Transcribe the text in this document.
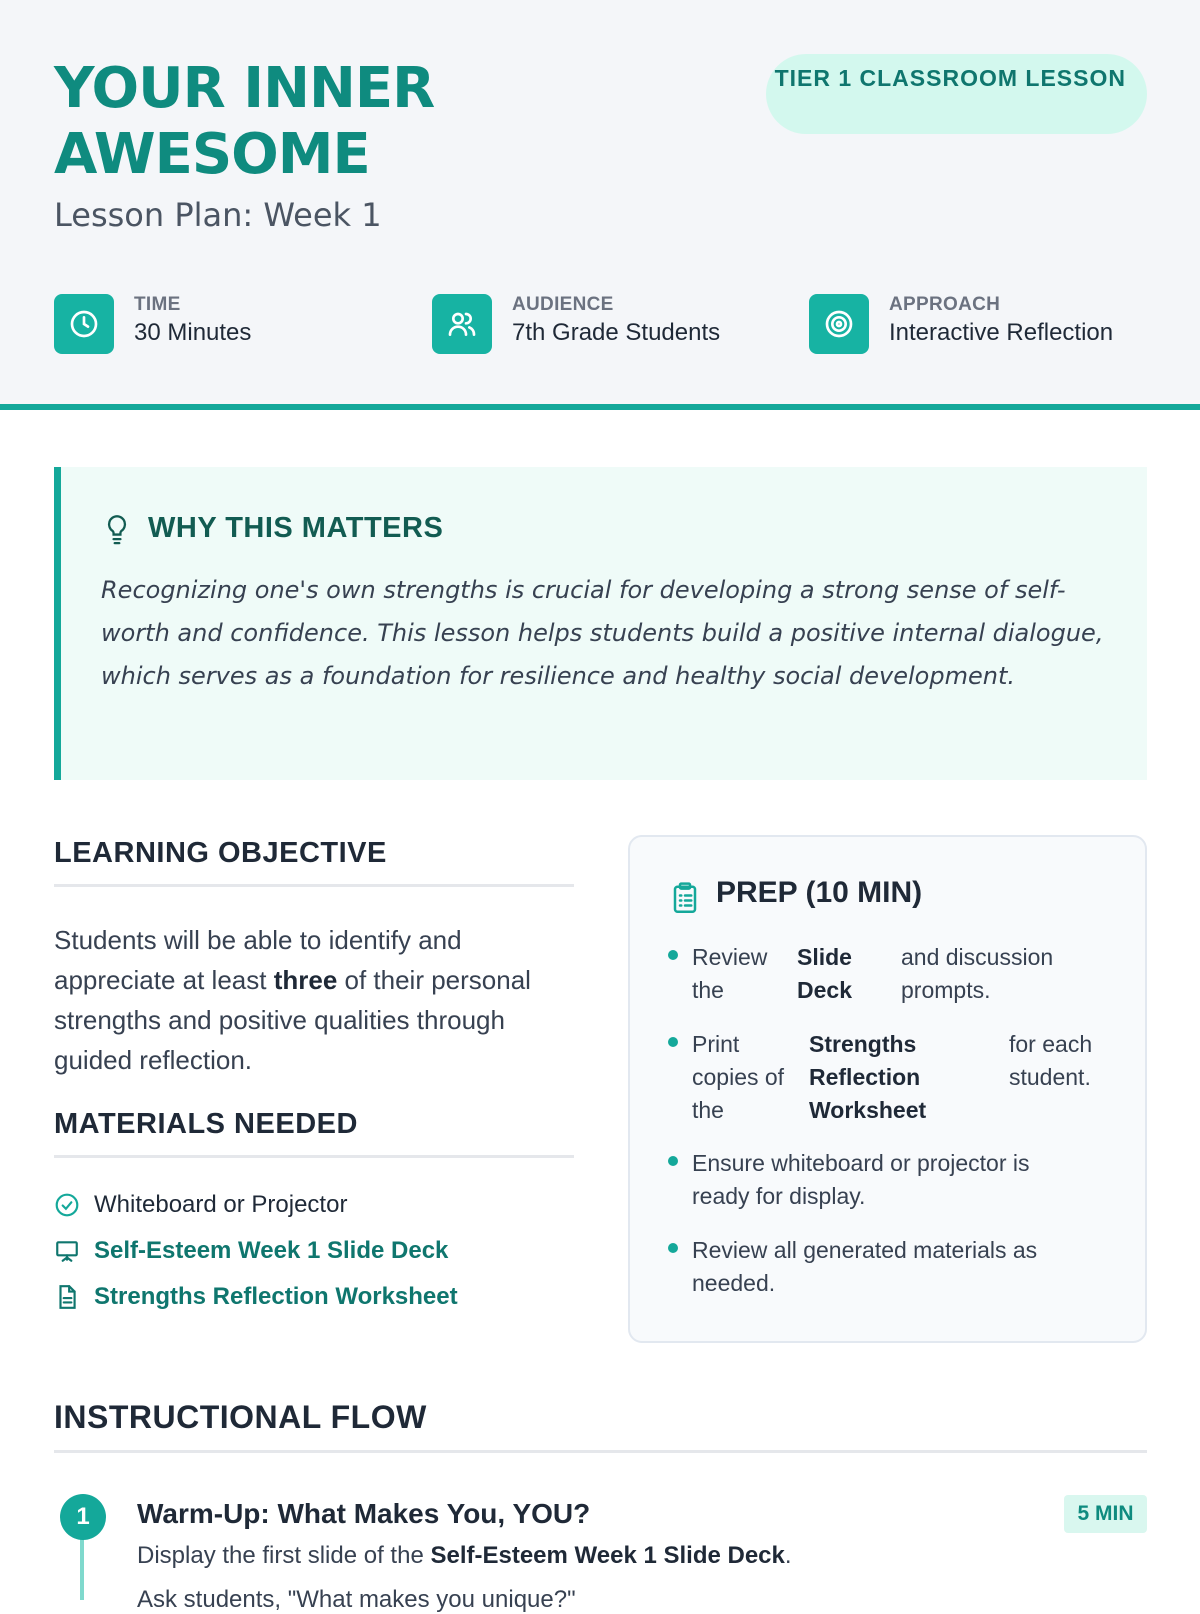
YOUR INNER AWESOME
Lesson Plan: Week 1
TIER 1 CLASSROOM LESSON
TIME
30 Minutes
AUDIENCE
7th Grade Students
APPROACH
Interactive Reflection
WHY THIS MATTERS

Recognizing one's own strengths is crucial for developing a strong sense of self-worth and confidence. This lesson helps students build a positive internal dialogue, which serves as a foundation for resilience and healthy social development.

LEARNING OBJECTIVE

Students will be able to identify and appreciate at least three of their personal strengths and positive qualities through guided reflection.

MATERIALS NEEDED
Whiteboard or Projector
Self-Esteem Week 1 Slide Deck
Strengths Reflection Worksheet
PREP (10 MIN)

Review the

Slide Deck

and discussion prompts.

Print copies of the

Strengths Reflection Worksheet

for each student.

Ensure whiteboard or projector is ready for display.

Review all generated materials as needed.

INSTRUCTIONAL FLOW
1	Warm-Up: What Makes You, YOU?	5 MIN
Display the first slide of the Self-Esteem Week 1 Slide Deck.
Ask students, "What makes you unique?"
